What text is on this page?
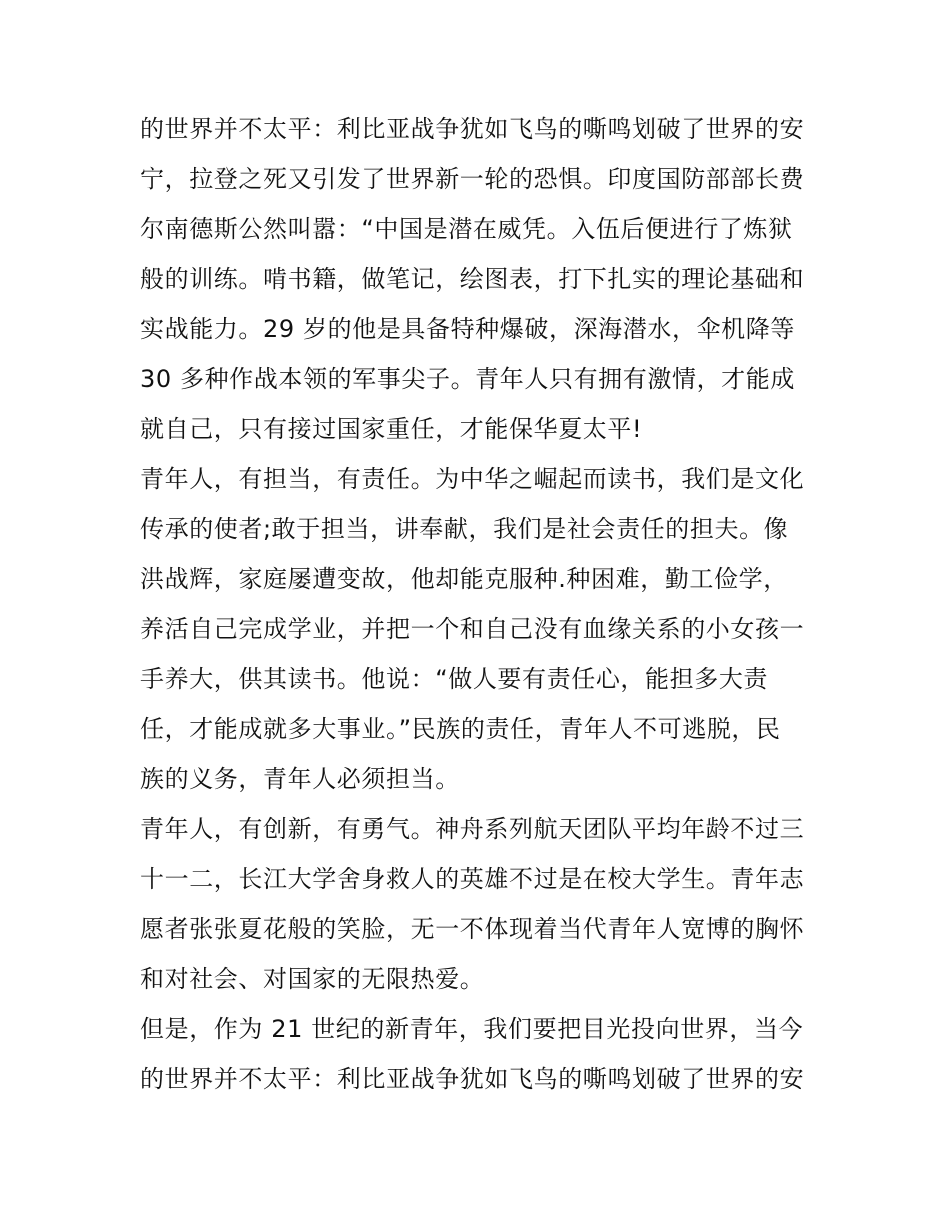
的世界并不太平：利比亚战争犹如飞鸟的嘶鸣划破了世界的安
宁，拉登之死又引发了世界新一轮的恐惧。印度国防部部长费
尔南德斯公然叫嚣：“中国是潜在威凭。入伍后便进行了炼狱
般的训练。啃书籍，做笔记，绘图表，打下扎实的理论基础和
实战能力。29 岁的他是具备特种爆破，深海潜水，伞机降等
30 多种作战本领的军事尖子。青年人只有拥有激情，才能成
就自己，只有接过国家重任，才能保华夏太平!
青年人，有担当，有责任。为中华之崛起而读书，我们是文化
传承的使者;敢于担当，讲奉献，我们是社会责任的担夫。像
洪战辉，家庭屡遭变故，他却能克服种.种困难，勤工俭学，
养活自己完成学业，并把一个和自己没有血缘关系的小女孩一
手养大，供其读书。他说：“做人要有责任心，能担多大责
任，才能成就多大事业。”民族的责任，青年人不可逃脱，民
族的义务，青年人必须担当。
青年人，有创新，有勇气。神舟系列航天团队平均年龄不过三
十一二，长江大学舍身救人的英雄不过是在校大学生。青年志
愿者张张夏花般的笑脸，无一不体现着当代青年人宽博的胸怀
和对社会、对国家的无限热爱。
但是，作为 21 世纪的新青年，我们要把目光投向世界，当今
的世界并不太平：利比亚战争犹如飞鸟的嘶鸣划破了世界的安
